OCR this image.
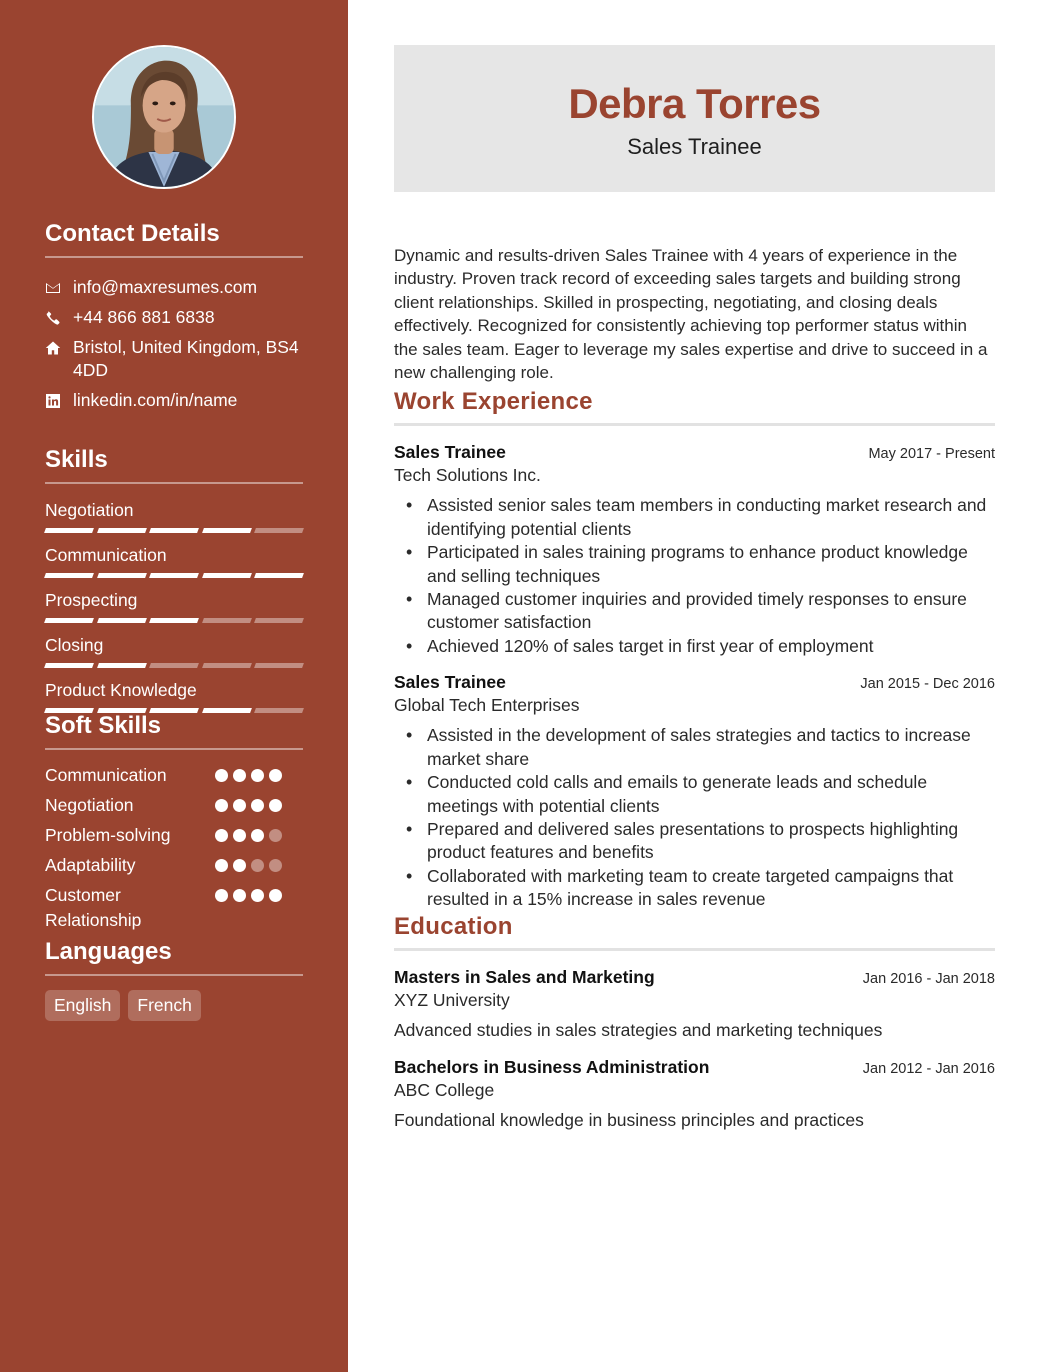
Contact Details
info@maxresumes.com
+44 866 881 6838
Bristol, United Kingdom, BS4 4DD
linkedin.com/in/name
Skills
Negotiation
Communication
Prospecting
Closing
Product Knowledge
Soft Skills
Communication
Negotiation
Problem-solving
Adaptability
Customer Relationship
Languages
English	French
Debra Torres
Sales Trainee

Dynamic and results-driven Sales Trainee with 4 years of experience in the industry. Proven track record of exceeding sales targets and building strong client relationships. Skilled in prospecting, negotiating, and closing deals effectively. Recognized for consistently achieving top performer status within the sales team. Eager to leverage my sales expertise and drive to succeed in a new challenging role.

Work Experience
Sales Trainee	May 2017 - Present
Tech Solutions Inc.
• Assisted senior sales team members in conducting market research and identifying potential clients
• Participated in sales training programs to enhance product knowledge and selling techniques
• Managed customer inquiries and provided timely responses to ensure customer satisfaction
• Achieved 120% of sales target in first year of employment
Sales Trainee	Jan 2015 - Dec 2016
Global Tech Enterprises
• Assisted in the development of sales strategies and tactics to increase market share
• Conducted cold calls and emails to generate leads and schedule meetings with potential clients
• Prepared and delivered sales presentations to prospects highlighting product features and benefits
• Collaborated with marketing team to create targeted campaigns that resulted in a 15% increase in sales revenue
Education
Masters in Sales and Marketing	Jan 2016 - Jan 2018
XYZ University

Advanced studies in sales strategies and marketing techniques

Bachelors in Business Administration	Jan 2012 - Jan 2016
ABC College

Foundational knowledge in business principles and practices
